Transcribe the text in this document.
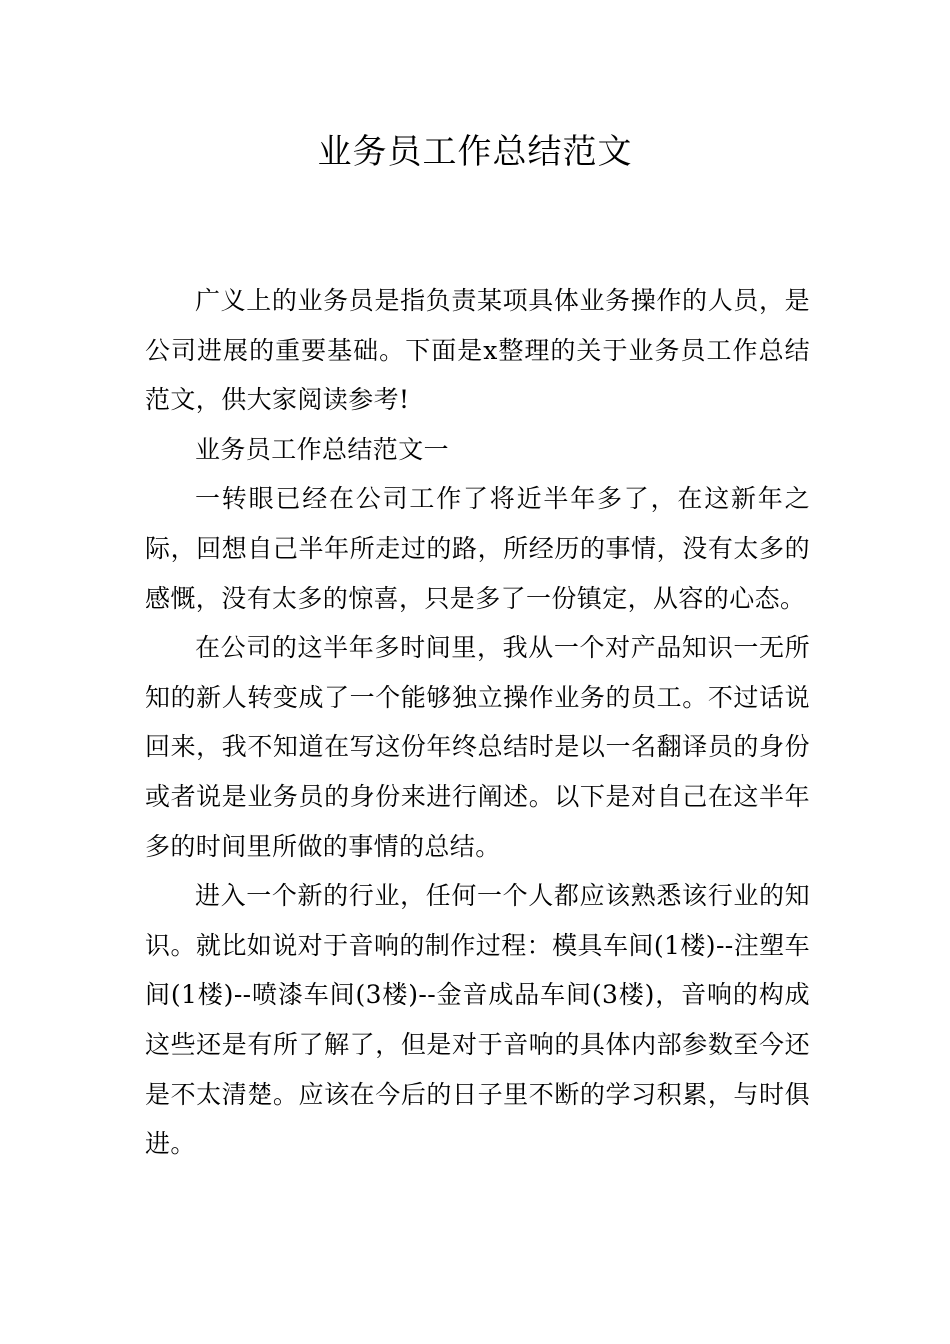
业务员工作总结范文

广义上的业务员是指负责某项具体业务操作的人员，是公司进展的重要基础。下面是x整理的关于业务员工作总结范文，供大家阅读参考!

业务员工作总结范文一

一转眼已经在公司工作了将近半年多了，在这新年之际，回想自己半年所走过的路，所经历的事情，没有太多的感慨，没有太多的惊喜，只是多了一份镇定，从容的心态。

在公司的这半年多时间里，我从一个对产品知识一无所知的新人转变成了一个能够独立操作业务的员工。不过话说回来，我不知道在写这份年终总结时是以一名翻译员的身份或者说是业务员的身份来进行阐述。以下是对自己在这半年多的时间里所做的事情的总结。

进入一个新的行业，任何一个人都应该熟悉该行业的知识。就比如说对于音响的制作过程：模具车间(1楼)--注塑车间(1楼)--喷漆车间(3楼)--金音成品车间(3楼)，音响的构成这些还是有所了解了，但是对于音响的具体内部参数至今还是不太清楚。应该在今后的日子里不断的学习积累，与时俱进。
